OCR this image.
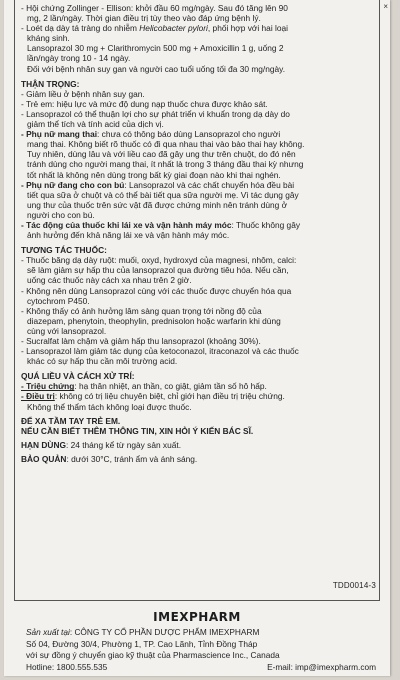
×

- Hội chứng Zollinger - Ellison: khởi đầu 60 mg/ngày. Sau đó tăng lên 90

mg, 2 lần/ngày. Thời gian điều trị tùy theo vào đáp ứng bệnh lý.

- Loét dạ dày tá tràng do nhiễm Helicobacter pylori, phối hợp với hai loại

kháng sinh.

Lansoprazol 30 mg + Clarithromycin 500 mg + Amoxicillin 1 g, uống 2

lần/ngày trong 10 - 14 ngày.

Đối với bệnh nhân suy gan và người cao tuổi uống tối đa 30 mg/ngày.

THẬN TRỌNG:

- Giảm liều ở bệnh nhân suy gan.

- Trẻ em: hiệu lực và mức độ dung nạp thuốc chưa được khảo sát.

- Lansoprazol có thể thuận lợi cho sự phát triển vi khuẩn trong dạ dày do

giảm thể tích và tính acid của dịch vị.

- Phụ nữ mang thai: chưa có thông báo dùng Lansoprazol cho người

mang thai. Không biết rõ thuốc có đi qua nhau thai vào bào thai hay không.

Tuy nhiên, dùng lâu và với liều cao đã gây ung thư trên chuột, do đó nên

tránh dùng cho người mang thai, ít nhất là trong 3 tháng đầu thai kỳ nhưng

tốt nhất là không nên dùng trong bất kỳ giai đoạn nào khi thai nghén.

- Phụ nữ đang cho con bú: Lansoprazol và các chất chuyển hóa đều bài

tiết qua sữa ở chuột và có thể bài tiết qua sữa người mẹ. Vì tác dụng gây

ung thư của thuốc trên sức vật đã được chứng minh nên tránh dùng ở

người cho con bú.

- Tác động của thuốc khi lái xe và vận hành máy móc: Thuốc không gây

ảnh hưởng đến khả năng lái xe và vận hành máy móc.

TƯƠNG TÁC THUỐC:

- Thuốc băng dạ dày ruột: muối, oxyd, hydroxyd của magnesi, nhôm, calci:

sẽ làm giảm sự hấp thu của lansoprazol qua đường tiêu hóa. Nếu cần,

uống các thuốc này cách xa nhau trên 2 giờ.

- Không nên dùng Lansoprazol cùng với các thuốc được chuyển hóa qua

cytochrom P450.

- Không thấy có ảnh hưởng lâm sàng quan trọng tới nồng độ của

diazepam, phenytoin, theophylin, prednisolon hoặc warfarin khi dùng

cùng với lansoprazol.

- Sucralfat làm chậm và giảm hấp thu lansoprazol (khoảng 30%).

- Lansoprazol làm giảm tác dụng của ketoconazol, itraconazol và các thuốc

khác có sự hấp thu cần môi trường acid.

QUÁ LIỀU VÀ CÁCH XỬ TRÍ:

- Triệu chứng: hạ thân nhiệt, an thần, co giật, giảm tần số hô hấp.

- Điều trị: không có trị liệu chuyên biệt, chỉ giới hạn điều trị triệu chứng.

Không thể thẩm tách không loại được thuốc.

ĐỂ XA TẦM TAY TRẺ EM.

NẾU CẦN BIẾT THÊM THÔNG TIN, XIN HỎI Ý KIẾN BÁC SĨ.

HẠN DÙNG: 24 tháng kể từ ngày sản xuất.

BẢO QUẢN: dưới 30°C, tránh ẩm và ánh sáng.

TDD0014-3
IMEXPHARM

Sản xuất tại: CÔNG TY CỔ PHẦN DƯỢC PHẨM IMEXPHARM

Số 04, Đường 30/4, Phường 1, TP. Cao Lãnh, Tỉnh Đồng Tháp

với sự đồng ý chuyển giao kỹ thuật của Pharmascience Inc., Canada

Hotline: 1800.555.535	E-mail: imp@imexpharm.com
